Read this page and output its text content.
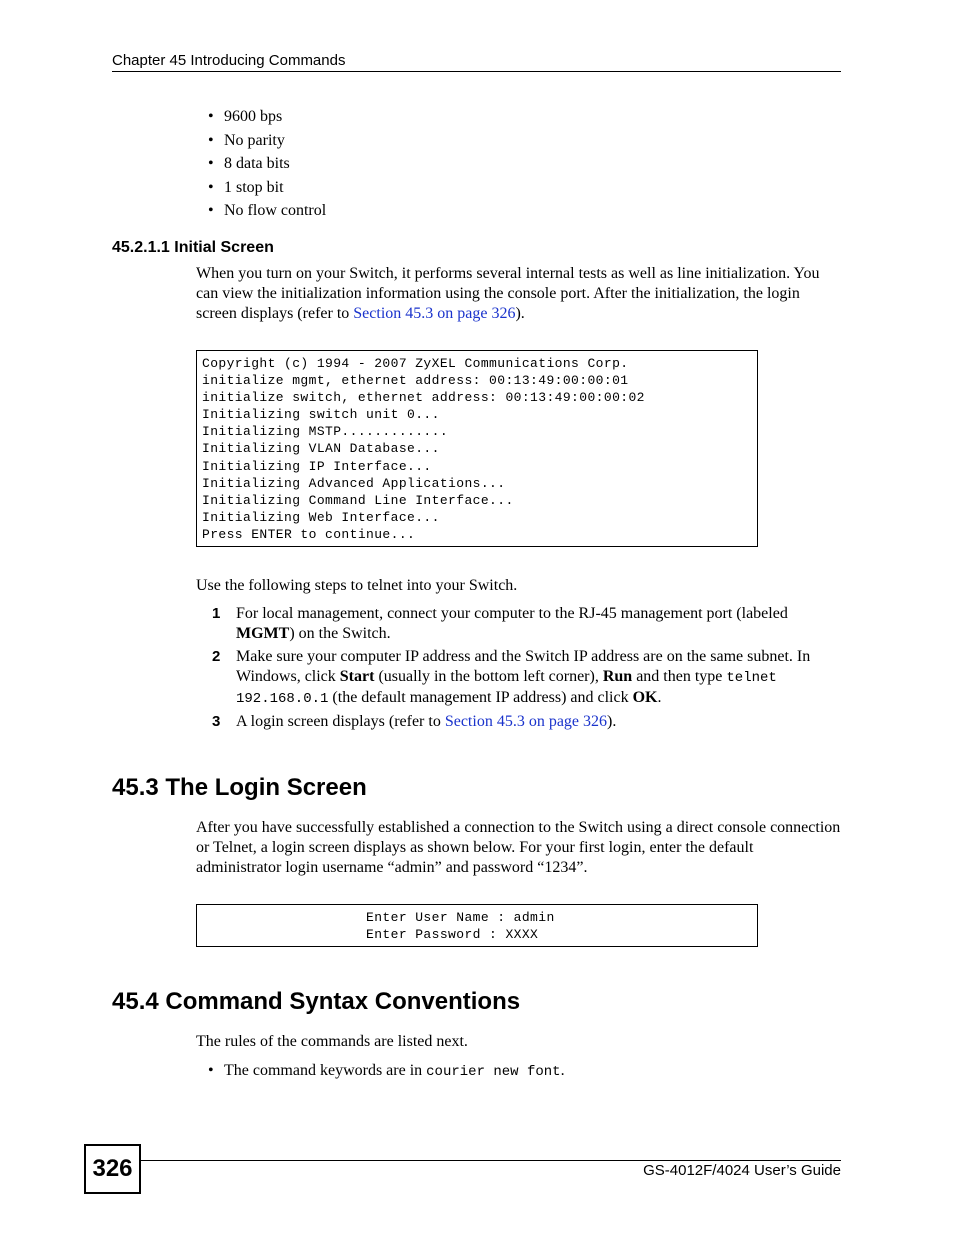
Chapter 45 Introducing Commands
• 9600 bps
• No parity
• 8 data bits
• 1 stop bit
• No flow control
45.2.1.1 Initial Screen
When you turn on your Switch, it performs several internal tests as well as line initialization. You can view the initialization information using the console port. After the initialization, the login screen displays (refer to Section 45.3 on page 326).
Copyright (c) 1994 - 2007 ZyXEL Communications Corp.
initialize mgmt, ethernet address: 00:13:49:00:00:01
initialize switch, ethernet address: 00:13:49:00:00:02
Initializing switch unit 0...
Initializing MSTP.............
Initializing VLAN Database...
Initializing IP Interface...
Initializing Advanced Applications...
Initializing Command Line Interface...
Initializing Web Interface...
Press ENTER to continue...
Use the following steps to telnet into your Switch.
1 For local management, connect your computer to the RJ-45 management port (labeled MGMT) on the Switch.
2 Make sure your computer IP address and the Switch IP address are on the same subnet. In Windows, click Start (usually in the bottom left corner), Run and then type telnet 192.168.0.1 (the default management IP address) and click OK.
3 A login screen displays (refer to Section 45.3 on page 326).
45.3 The Login Screen
After you have successfully established a connection to the Switch using a direct console connection or Telnet, a login screen displays as shown below. For your first login, enter the default administrator login username “admin” and password “1234”.
Enter User Name : admin
Enter Password : XXXX
45.4 Command Syntax Conventions
The rules of the commands are listed next.
• The command keywords are in courier new font.
326	GS-4012F/4024 User’s Guide
